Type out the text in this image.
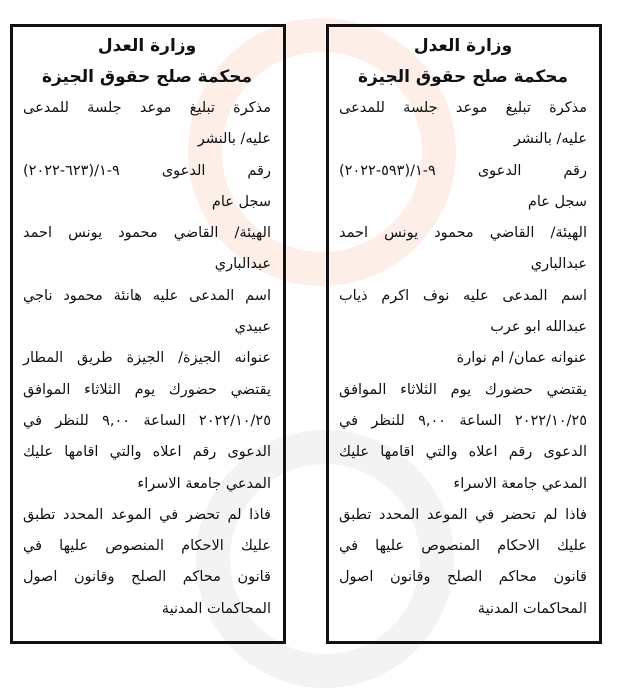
وزارة العدل
محكمة صلح حقوق الجيزة
مذكرة تبليغ موعد جلسة للمدعى
عليه/ بالنشر
رقم الدعوى ٩-١/(٥٩٣-٢٠٢٢)
سجل عام
الهيئة/ القاضي محمود يونس احمد
عبدالباري
اسم المدعى عليه نوف اكرم ذياب
عبدالله ابو عرب
عنوانه عمان/ ام نوارة
يقتضي حضورك يوم الثلاثاء الموافق
٢٠٢٢/١٠/٢٥ الساعة ٩,٠٠ للنظر في
الدعوى رقم اعلاه والتي اقامها عليك
المدعي جامعة الاسراء
فاذا لم تحضر في الموعد المحدد تطبق
عليك الاحكام المنصوص عليها في
قانون محاكم الصلح وقانون اصول
المحاكمات المدنية
وزارة العدل
محكمة صلح حقوق الجيزة
مذكرة تبليغ موعد جلسة للمدعى
عليه/ بالنشر
رقم الدعوى ٩-١/(٦٢٣-٢٠٢٢)
سجل عام
الهيئة/ القاضي محمود يونس احمد
عبدالباري
اسم المدعى عليه هانئة محمود ناجي
عبيدي
عنوانه الجيزة/ الجيزة طريق المطار
يقتضي حضورك يوم الثلاثاء الموافق
٢٠٢٢/١٠/٢٥ الساعة ٩,٠٠ للنظر في
الدعوى رقم اعلاه والتي اقامها عليك
المدعي جامعة الاسراء
فاذا لم تحضر في الموعد المحدد تطبق
عليك الاحكام المنصوص عليها في
قانون محاكم الصلح وقانون اصول
المحاكمات المدنية
